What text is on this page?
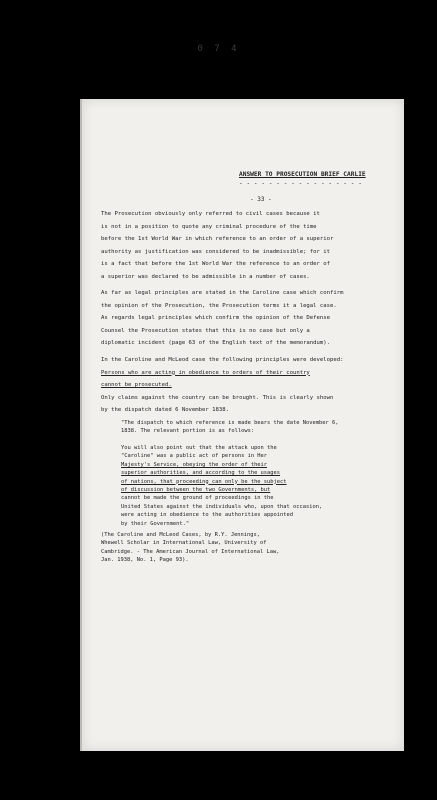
0 7 4
ANSWER TO PROSECUTION BRIEF CARLIE
- - - - - - - - - - - - - - - - -
- 33 -
The Prosecution obviously only referred to civil cases because it
is not in a position to quote any criminal procedure of the time
before the 1st World War in which reference to an order of a superior
authority as justification was considered to be inadmissible; for it
is a fact that before the 1st World War the reference to an order of
a superior was declared to be admissible in a number of cases.
As far as legal principles are stated in the Caroline case which confirm
the opinion of the Prosecution, the Prosecution terms it a legal case.
As regards legal principles which confirm the opinion of the Defense
Counsel the Prosecution states that this is no case but only a
diplomatic incident (page 63 of the English text of the memorandum).
In the Caroline and McLeod case the following principles were developed:
Persons who are acting in obedience to orders of their country
cannot be prosecuted.
Only claims against the country can be brought. This is clearly shown
by the dispatch dated 6 November 1838.
"The dispatch to which reference is made bears the date November 6,
1838. The relevant portion is as follows:
You will also point out that the attack upon the
"Caroline" was a public act of persons in Her
Majesty's Service, obeying the order of their
superior authorities, and according to the usages
of nations, that proceeding can only be the subject
of discussion between the two Governments, but
cannot be made the ground of proceedings in the
United States against the individuals who, upon that occasion,
were acting in obedience to the authorities appointed
by their Government."
(The Caroline and McLeod Cases, by R.Y. Jennings,
Whewell Scholar in International Law, University of
Cambridge. - The American Journal of International Law,
Jan. 1938, No. 1, Page 93).
